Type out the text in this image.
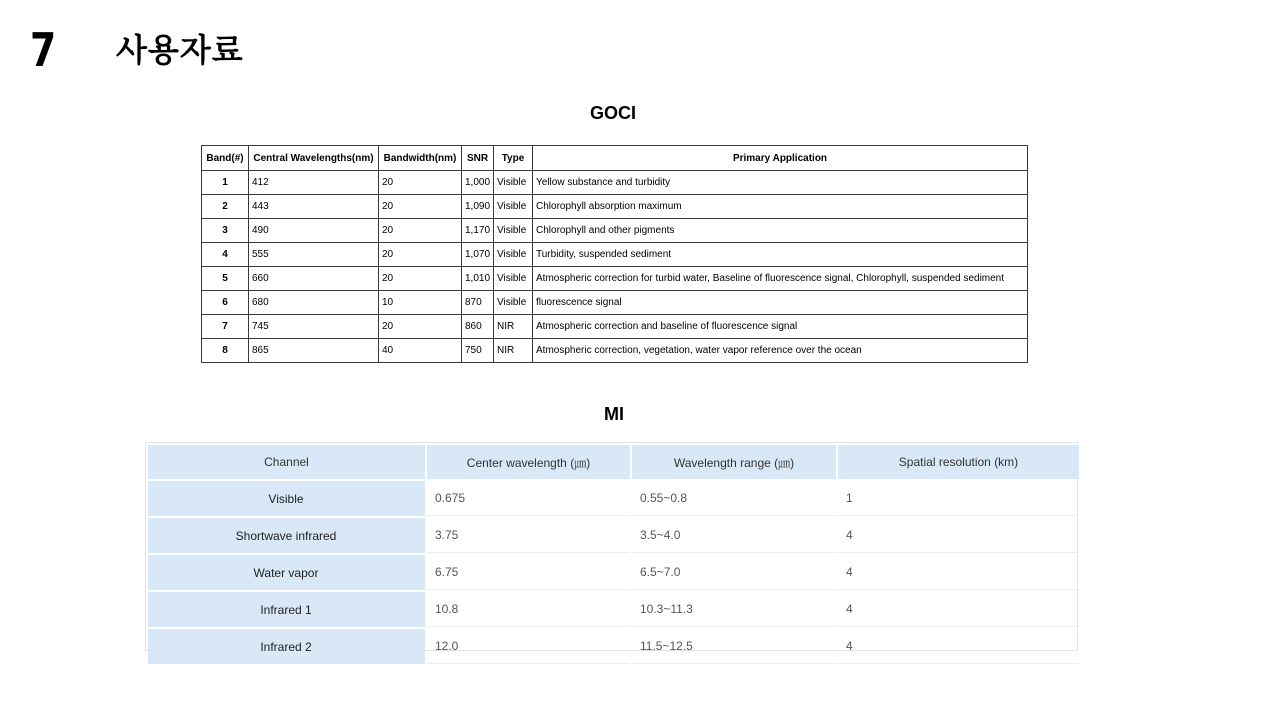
7 사용자료
GOCI
Band(#)	Central Wavelengths(nm)	Bandwidth(nm)	SNR	Type	Primary Application
1	412	20	1,000	Visible	Yellow substance and turbidity
2	443	20	1,090	Visible	Chlorophyll absorption maximum
3	490	20	1,170	Visible	Chlorophyll and other pigments
4	555	20	1,070	Visible	Turbidity, suspended sediment
5	660	20	1,010	Visible	Atmospheric correction for turbid water, Baseline of fluorescence signal, Chlorophyll, suspended sediment
6	680	10	870	Visible	fluorescence signal
7	745	20	860	NIR	Atmospheric correction and baseline of fluorescence signal
8	865	40	750	NIR	Atmospheric correction, vegetation, water vapor reference over the ocean
MI
Channel	Center wavelength (㎛)	Wavelength range (㎛)	Spatial resolution (km)
Visible	0.675	0.55~0.8	1
Shortwave infrared	3.75	3.5~4.0	4
Water vapor	6.75	6.5~7.0	4
Infrared 1	10.8	10.3~11.3	4
Infrared 2	12.0	11.5~12.5	4
